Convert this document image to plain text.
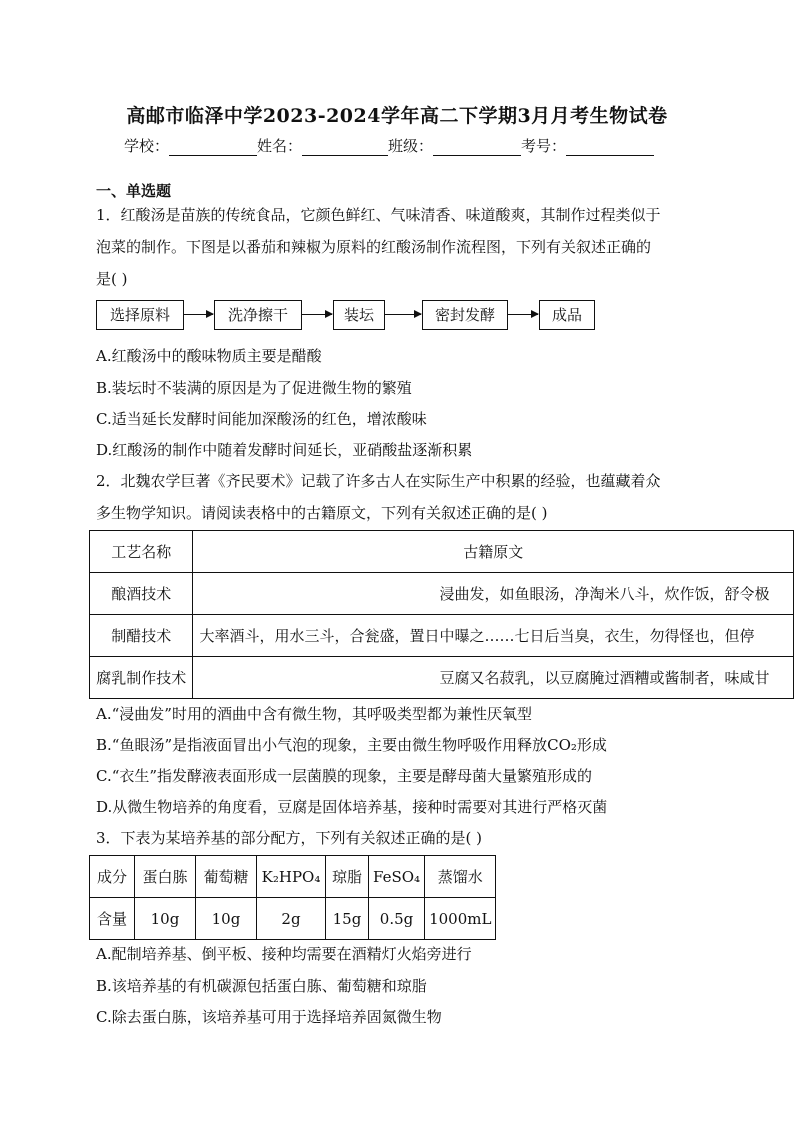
高邮市临泽中学2023-2024学年高二下学期3月月考生物试卷
学校：	姓名：	班级：	考号：
一、单选题
1．红酸汤是苗族的传统食品，它颜色鲜红、气味清香、味道酸爽，其制作过程类似于
泡菜的制作。下图是以番茄和辣椒为原料的红酸汤制作流程图，下列有关叙述正确的
是( )
选择原料	洗净擦干	装坛	密封发酵	成品
A.红酸汤中的酸味物质主要是醋酸
B.装坛时不装满的原因是为了促进微生物的繁殖
C.适当延长发酵时间能加深酸汤的红色，增浓酸味
D.红酸汤的制作中随着发酵时间延长，亚硝酸盐逐渐积累
2．北魏农学巨著《齐民要术》记载了许多古人在实际生产中积累的经验，也蕴藏着众
多生物学知识。请阅读表格中的古籍原文，下列有关叙述正确的是( )
工艺名称	古籍原文
酿酒技术	浸曲发，如鱼眼汤，净淘米八斗，炊作饭，舒令极
制醋技术	大率酒斗，用水三斗，合瓮盛，置日中曝之……七日后当臭，衣生，勿得怪也，但停
腐乳制作技术	豆腐又名菽乳，以豆腐腌过酒糟或酱制者，味咸甘
A.“浸曲发”时用的酒曲中含有微生物，其呼吸类型都为兼性厌氧型
B.“鱼眼汤”是指液面冒出小气泡的现象，主要由微生物呼吸作用释放CO₂形成
C.“衣生”指发酵液表面形成一层菌膜的现象，主要是酵母菌大量繁殖形成的
D.从微生物培养的角度看，豆腐是固体培养基，接种时需要对其进行严格灭菌
3．下表为某培养基的部分配方，下列有关叙述正确的是( )
成分	蛋白胨	葡萄糖	K₂HPO₄	琼脂	FeSO₄	蒸馏水
含量	10g	10g	2g	15g	0.5g	1000mL
A.配制培养基、倒平板、接种均需要在酒精灯火焰旁进行
B.该培养基的有机碳源包括蛋白胨、葡萄糖和琼脂
C.除去蛋白胨，该培养基可用于选择培养固氮微生物
